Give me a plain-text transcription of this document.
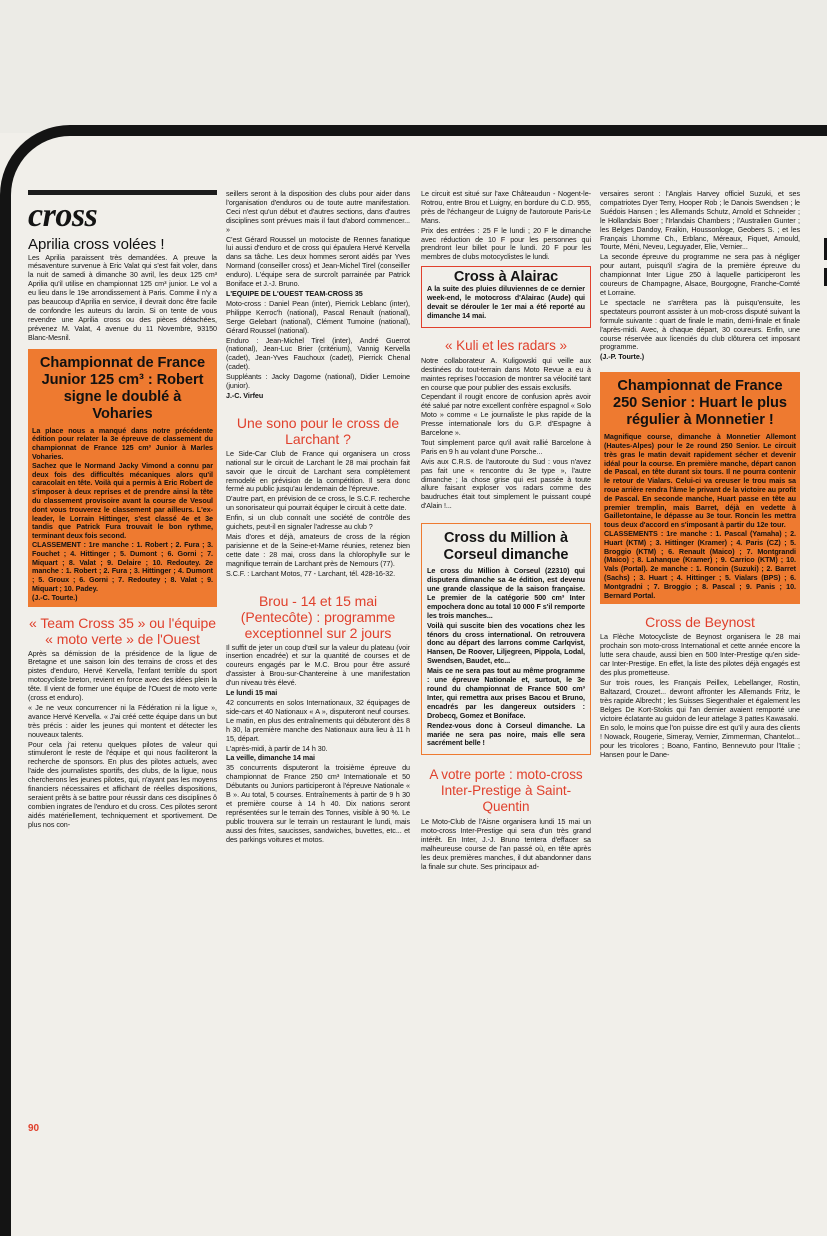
cross
Aprilia cross volées !

Les Aprilia paraissent très demandées. A preuve la mésaventure survenue à Eric Valat qui s'est fait voler, dans la nuit de samedi à dimanche 30 avril, les deux 125 cm³ Aprilia qu'il utilise en championnat 125 cm³ junior. Le vol a eu lieu dans le 19e arrondissement à Paris. Comme il n'y a pas beaucoup d'Aprilia en service, il devrait donc être facile de confondre les auteurs du larcin. Si on tente de vous revendre une Aprilia cross ou des pièces détachées, prévenez M. Valat, 4 avenue du 11 Novembre, 93150 Blanc-Mesnil.

Championnat de France Junior 125 cm³ : Robert signe le doublé à Voharies
La place nous a manqué dans notre précédente édition pour relater la 3e épreuve de classement du championnat de France 125 cm³ Junior à Marles Voharies.
Sachez que le Normand Jacky Vimond a connu par deux fois des difficultés mécaniques alors qu'il caracolait en tête. Voilà qui a permis à Eric Robert de s'imposer à deux reprises et de prendre ainsi la tête du classement provisoire avant la course de Vesoul dont vous trouverez le classement par ailleurs. L'ex-leader, le Lorrain Hittinger, s'est classé 4e et 3e tandis que Patrick Fura trouvait le bon rythme, terminant deux fois second.
CLASSEMENT : 1re manche : 1. Robert ; 2. Fura ; 3. Fouchet ; 4. Hittinger ; 5. Dumont ; 6. Gorni ; 7. Miquart ; 8. Valat ; 9. Delaire ; 10. Redoutey. 2e manche : 1. Robert ; 2. Fura ; 3. Hittinger ; 4. Dumont ; 5. Groux ; 6. Gorni ; 7. Redoutey ; 8. Valat ; 9. Miquart ; 10. Padey.
(J.-C. Tourte.)
« Team Cross 35 » ou l'équipe « moto verte » de l'Ouest

Après sa démission de la présidence de la ligue de Bretagne et une saison loin des terrains de cross et des pistes d'enduro, Hervé Kervella, l'enfant terrible du sport motocycliste breton, revient en force avec des idées plein la tête. Il vient de former une équipe de l'Ouest de moto verte (cross et enduro).

« Je ne veux concurrencer ni la Fédération ni la ligue », avance Hervé Kervella. « J'ai créé cette équipe dans un but très précis : aider les jeunes qui montent et détecter les nouveaux talents.

Pour cela j'ai retenu quelques pilotes de valeur qui stimuleront le reste de l'équipe et qui nous faciliteront la recherche de sponsors. En plus des pilotes actuels, avec l'aide des journalistes sportifs, des clubs, de la ligue, nous chercherons les jeunes pilotes, qui, n'ayant pas les moyens financiers nécessaires et affichant de réelles dispositions, seraient prêts à se battre pour réussir dans ces disciplines ô combien ingrates de l'enduro et du cross. Ces pilotes seront aidés matériellement, techniquement et sportivement. De plus nos con-

seillers seront à la disposition des clubs pour aider dans l'organisation d'enduros ou de toute autre manifestation. Ceci n'est qu'un début et d'autres sections, dans d'autres disciplines sont prévues mais il faut d'abord commencer... »

C'est Gérard Roussel un motociste de Rennes fanatique lui aussi d'enduro et de cross qui épaulera Hervé Kervella dans sa tâche. Les deux hommes seront aidés par Yves Normand (conseiller cross) et Jean-Michel Tirel (conseiller enduro). L'équipe sera de surcroît parrainée par Patrick Boniface et J.-J. Bruno.

L'EQUIPE DE L'OUEST TEAM-CROSS 35

Moto-cross : Daniel Pean (inter), Pierrick Leblanc (inter), Philippe Kerroc'h (national), Pascal Renault (national), Serge Gelebart (national), Clément Tumoine (national), Gérard Roussel (national).

Enduro : Jean-Michel Tirel (inter), André Guerrot (national), Jean-Luc Brier (critérium), Vannig Kervella (cadet), Jean-Yves Fauchoux (cadet), Pierrick Chenal (cadet).

Suppléants : Jacky Dagorne (national), Didier Lemoine (junior).

J.-C. Virfeu

Une sono pour le cross de Larchant ?

Le Side-Car Club de France qui organisera un cross national sur le circuit de Larchant le 28 mai prochain fait savoir que le circuit de Larchant sera complètement remodelé en prévision de la compétition. Il sera donc fermé au public jusqu'au lendemain de l'épreuve.

D'autre part, en prévision de ce cross, le S.C.F. recherche un sonorisateur qui pourrait équiper le circuit à cette date.

Enfin, si un club connaît une société de contrôle des guichets, peut-il en signaler l'adresse au club ?

Mais d'ores et déjà, amateurs de cross de la région parisienne et de la Seine-et-Marne réunies, retenez bien cette date : 28 mai, cross dans la chlorophylle sur le magnifique terrain de Larchant près de Nemours (77).

S.C.F. : Larchant Motos, 77 - Larchant, tél. 428-16-32.

Brou - 14 et 15 mai (Pentecôte) : programme exceptionnel sur 2 jours

Il suffit de jeter un coup d'œil sur la valeur du plateau (voir insertion encadrée) et sur la quantité de courses et de coureurs engagés par le M.C. Brou pour être assuré d'assister à Brou-sur-Chantereine à une manifestation d'un niveau très élevé.

Le lundi 15 mai

42 concurrents en solos Internationaux, 32 équipages de side-cars et 40 Nationaux « A », disputeront neuf courses. Le matin, en plus des entraînements qui débuteront dès 8 h 30, la première manche des Nationaux aura lieu à 11 h 15, départ.

L'après-midi, à partir de 14 h 30.

La veille, dimanche 14 mai

35 concurrents disputeront la troisième épreuve du championnat de France 250 cm³ Internationale et 50 Débutants ou Juniors participeront à l'épreuve Nationale « B ». Au total, 5 courses. Entraînements à partir de 9 h 30 et première course à 14 h 40. Dix nations seront représentées sur le terrain des Tonnes, visible à 90 %. Le public trouvera sur le terrain un restaurant le lundi, mais aussi des frites, saucisses, sandwiches, buvettes, etc... et des parkings voitures et motos.

Le circuit est situé sur l'axe Châteaudun - Nogent-le-Rotrou, entre Brou et Luigny, en bordure du C.D. 955, près de l'échangeur de Luigny de l'autoroute Paris-Le Mans.

Prix des entrées : 25 F le lundi ; 20 F le dimanche avec réduction de 10 F pour les personnes qui prendront leur billet pour le lundi. 20 F pour les membres de clubs motocyclistes le lundi.

Cross à Alairac

A la suite des pluies diluviennes de ce dernier week-end, le motocross d'Alairac (Aude) qui devait se dérouler le 1er mai a été reporté au dimanche 14 mai.

« Kuli et les radars »

Notre collaborateur A. Kuligowski qui veille aux destinées du tout-terrain dans Moto Revue a eu à maintes reprises l'occasion de montrer sa vélocité tant en course que pour publier des essais exclusifs.

Cependant il rougit encore de confusion après avoir été salué par notre excellent confrère espagnol « Solo Moto » comme « Le journaliste le plus rapide de la Presse internationale lors du G.P. d'Espagne à Barcelone ».

Tout simplement parce qu'il avait rallié Barcelone à Paris en 9 h au volant d'une Porsche...

Avis aux C.R.S. de l'autoroute du Sud : vous n'avez pas fait une « rencontre du 3e type », l'autre dimanche ; la chose grise qui est passée à toute allure faisant exploser vos radars comme des baudruches était tout simplement le puissant coupé d'Alain !...

Cross du Million à Corseul dimanche

Le cross du Million à Corseul (22310) qui disputera dimanche sa 4e édition, est devenu une grande classique de la saison française. Le premier de la catégorie 500 cm³ Inter empochera donc au total 10 000 F s'il remporte les trois manches...

Voilà qui suscite bien des vocations chez les ténors du cross international. On retrouvera donc au départ des larrons comme Carlqvist, Hansen, De Roover, Liljegreen, Pippola, Lodal, Swendsen, Baudet, etc...

Mais ce ne sera pas tout au même programme : une épreuve Nationale et, surtout, le 3e round du championnat de France 500 cm³ Inter, qui remettra aux prises Bacou et Bruno, encadrés par les dangereux outsiders : Drobecq, Gomez et Boniface.

Rendez-vous donc à Corseul dimanche. La mariée ne sera pas noire, mais elle sera sacrément belle !

A votre porte : moto-cross Inter-Prestige à Saint-Quentin

Le Moto-Club de l'Aisne organisera lundi 15 mai un moto-cross Inter-Prestige qui sera d'un très grand intérêt. En Inter, J.-J. Bruno tentera d'effacer sa malheureuse course de l'an passé où, en tête après les deux premières manches, il dut abandonner dans la finale sur chute. Ses principaux ad-

versaires seront : l'Anglais Harvey officiel Suzuki, et ses compatriotes Dyer Terry, Hooper Rob ; le Danois Swendsen ; le Suédois Hansen ; les Allemands Schutz, Arnold et Schneider ; le Hollandais Boer ; l'Irlandais Chambers ; l'Australien Gunter ; les Belges Dandoy, Fraikin, Houssonloge, Geobers S. ; et les Français Lhomme Ch., Erblanc, Méreaux, Fiquet, Arnould, Tourte, Méni, Neveu, Leguyader, Elie, Vernier...

La seconde épreuve du programme ne sera pas à négliger pour autant, puisqu'il s'agira de la première épreuve du championnat Inter Ligue 250 à laquelle participeront les coureurs de Champagne, Alsace, Bourgogne, Franche-Comté et Lorraine.

Le spectacle ne s'arrêtera pas là puisqu'ensuite, les spectateurs pourront assister à un mob-cross disputé suivant la formule suivante : quart de finale le matin, demi-finale et finale l'après-midi. Avec, à chaque départ, 30 coureurs. Enfin, une course réservée aux licenciés du club clôturera cet imposant programme.

(J.-P. Tourte.)

Championnat de France 250 Senior : Huart le plus régulier à Monnetier !
Magnifique course, dimanche à Monnetier Allemont (Hautes-Alpes) pour le 2e round 250 Senior. Le circuit très gras le matin devait rapidement sécher et devenir idéal pour la course. En première manche, départ canon de Pascal, en tête durant six tours. Il ne pourra contenir le retour de Vialars. Celui-ci va creuser le trou mais sa roue arrière rendra l'âme le privant de la victoire au profit de Pascal. En seconde manche, Huart passe en tête au premier tremplin, mais Barret, déjà en vedette à Gailletontaine, le dépasse au 3e tour. Roncin les mettra tous deux d'accord en s'imposant à partir du 12e tour.
CLASSEMENTS : 1re manche : 1. Pascal (Yamaha) ; 2. Huart (KTM) ; 3. Hittinger (Kramer) ; 4. Paris (CZ) ; 5. Broggio (KTM) ; 6. Renault (Maico) ; 7. Montgrandi (Maico) ; 8. Lahanque (Kramer) ; 9. Carrico (KTM) ; 10. Vals (Portal). 2e manche : 1. Roncin (Suzuki) ; 2. Barret (Sachs) ; 3. Huart ; 4. Hittinger ; 5. Vialars (BPS) ; 6. Montgradni ; 7. Broggio ; 8. Pascal ; 9. Panis ; 10. Bernard Portal.
Cross de Beynost

La Flèche Motocycliste de Beynost organisera le 28 mai prochain son moto-cross International et cette année encore la lutte sera chaude, aussi bien en 500 Inter-Prestige qu'en side-car Inter-Prestige. En effet, la liste des pilotes déjà engagés est des plus prometteuse.

Sur trois roues, les Français Peillex, Lebellanger, Rostin, Baltazard, Crouzet... devront affronter les Allemands Fritz, le très rapide Albrecht ; les Suisses Siegenthaler et également les Belges De Kort-Stokis qui l'an dernier avaient remporté une victoire éclatante au guidon de leur attelage 3 pattes Kawasaki.

En solo, le moins que l'on puisse dire est qu'il y aura des clients ! Nowack, Rougerie, Simeray, Vernier, Zimmerman, Chantelot... pour les tricolores ; Boano, Fantino, Bennevuto pour l'Italie ; Hansen pour le Dane-

90
